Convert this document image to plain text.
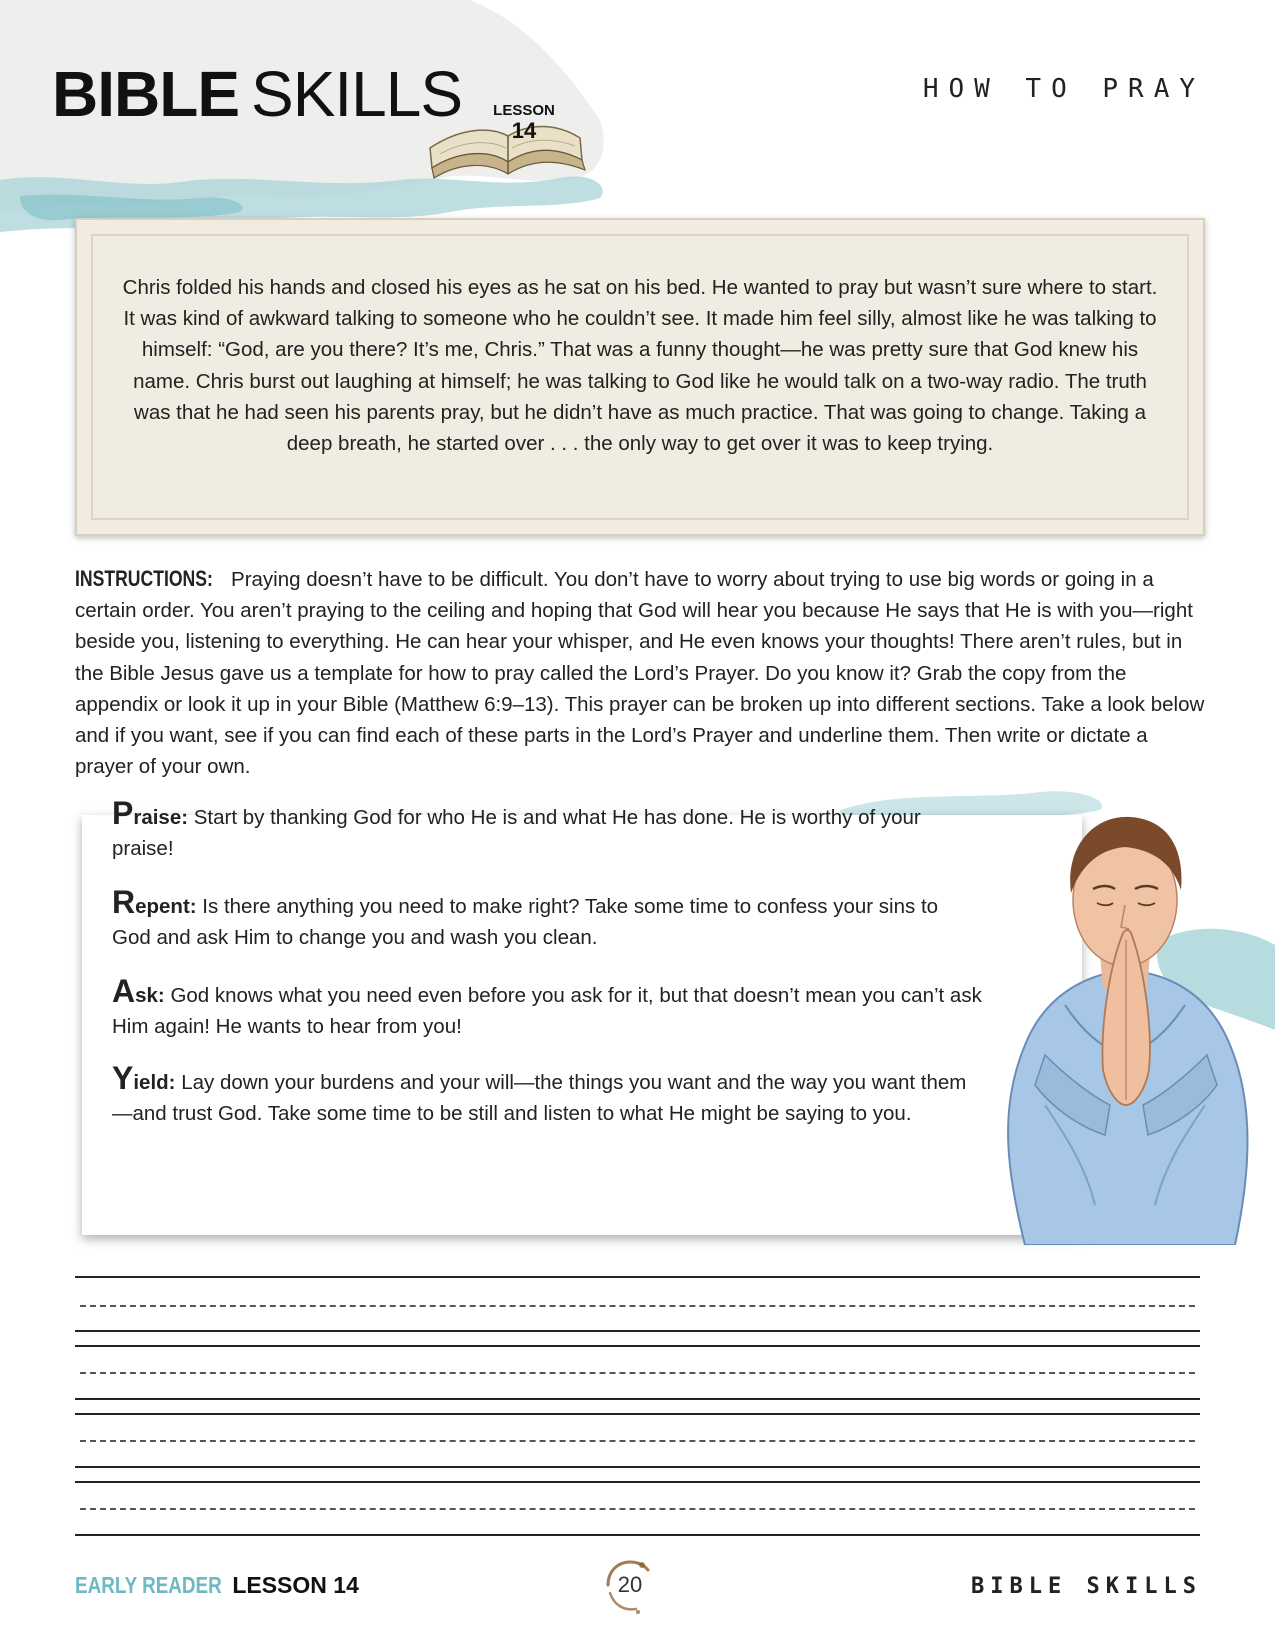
BIBLE SKILLS LESSON
14
HOW TO PRAY

Chris folded his hands and closed his eyes as he sat on his bed. He wanted to pray but wasn’t sure where to start. It was kind of awkward talking to someone who he couldn’t see. It made him feel silly, almost like he was talking to himself: “God, are you there? It’s me, Chris.” That was a funny thought—he was pretty sure that God knew his name. Chris burst out laughing at himself; he was talking to God like he would talk on a two-way radio. The truth was that he had seen his parents pray, but he didn’t have as much practice. That was going to change. Taking a deep breath, he started over . . . the only way to get over it was to keep trying.

INSTRUCTIONS: Praying doesn’t have to be difficult. You don’t have to worry about trying to use big words or going in a certain order. You aren’t praying to the ceiling and hoping that God will hear you because He says that He is with you—right beside you, listening to everything. He can hear your whisper, and He even knows your thoughts! There aren’t rules, but in the Bible Jesus gave us a template for how to pray called the Lord’s Prayer. Do you know it? Grab the copy from the appendix or look it up in your Bible (Matthew 6:9–13). This prayer can be broken up into different sections. Take a look below and if you want, see if you can find each of these parts in the Lord’s Prayer and underline them. Then write or dictate a prayer of your own.

Praise: Start by thanking God for who He is and what He has done. He is worthy of your praise!

Repent: Is there anything you need to make right? Take some time to confess your sins to God and ask Him to change you and wash you clean.

Ask: God knows what you need even before you ask for it, but that doesn’t mean you can’t ask Him again! He wants to hear from you!

Yield: Lay down your burdens and your will—the things you want and the way you want them—and trust God. Take some time to be still and listen to what He might be saying to you.

EARLY READER LESSON 14	20	BIBLE SKILLS
